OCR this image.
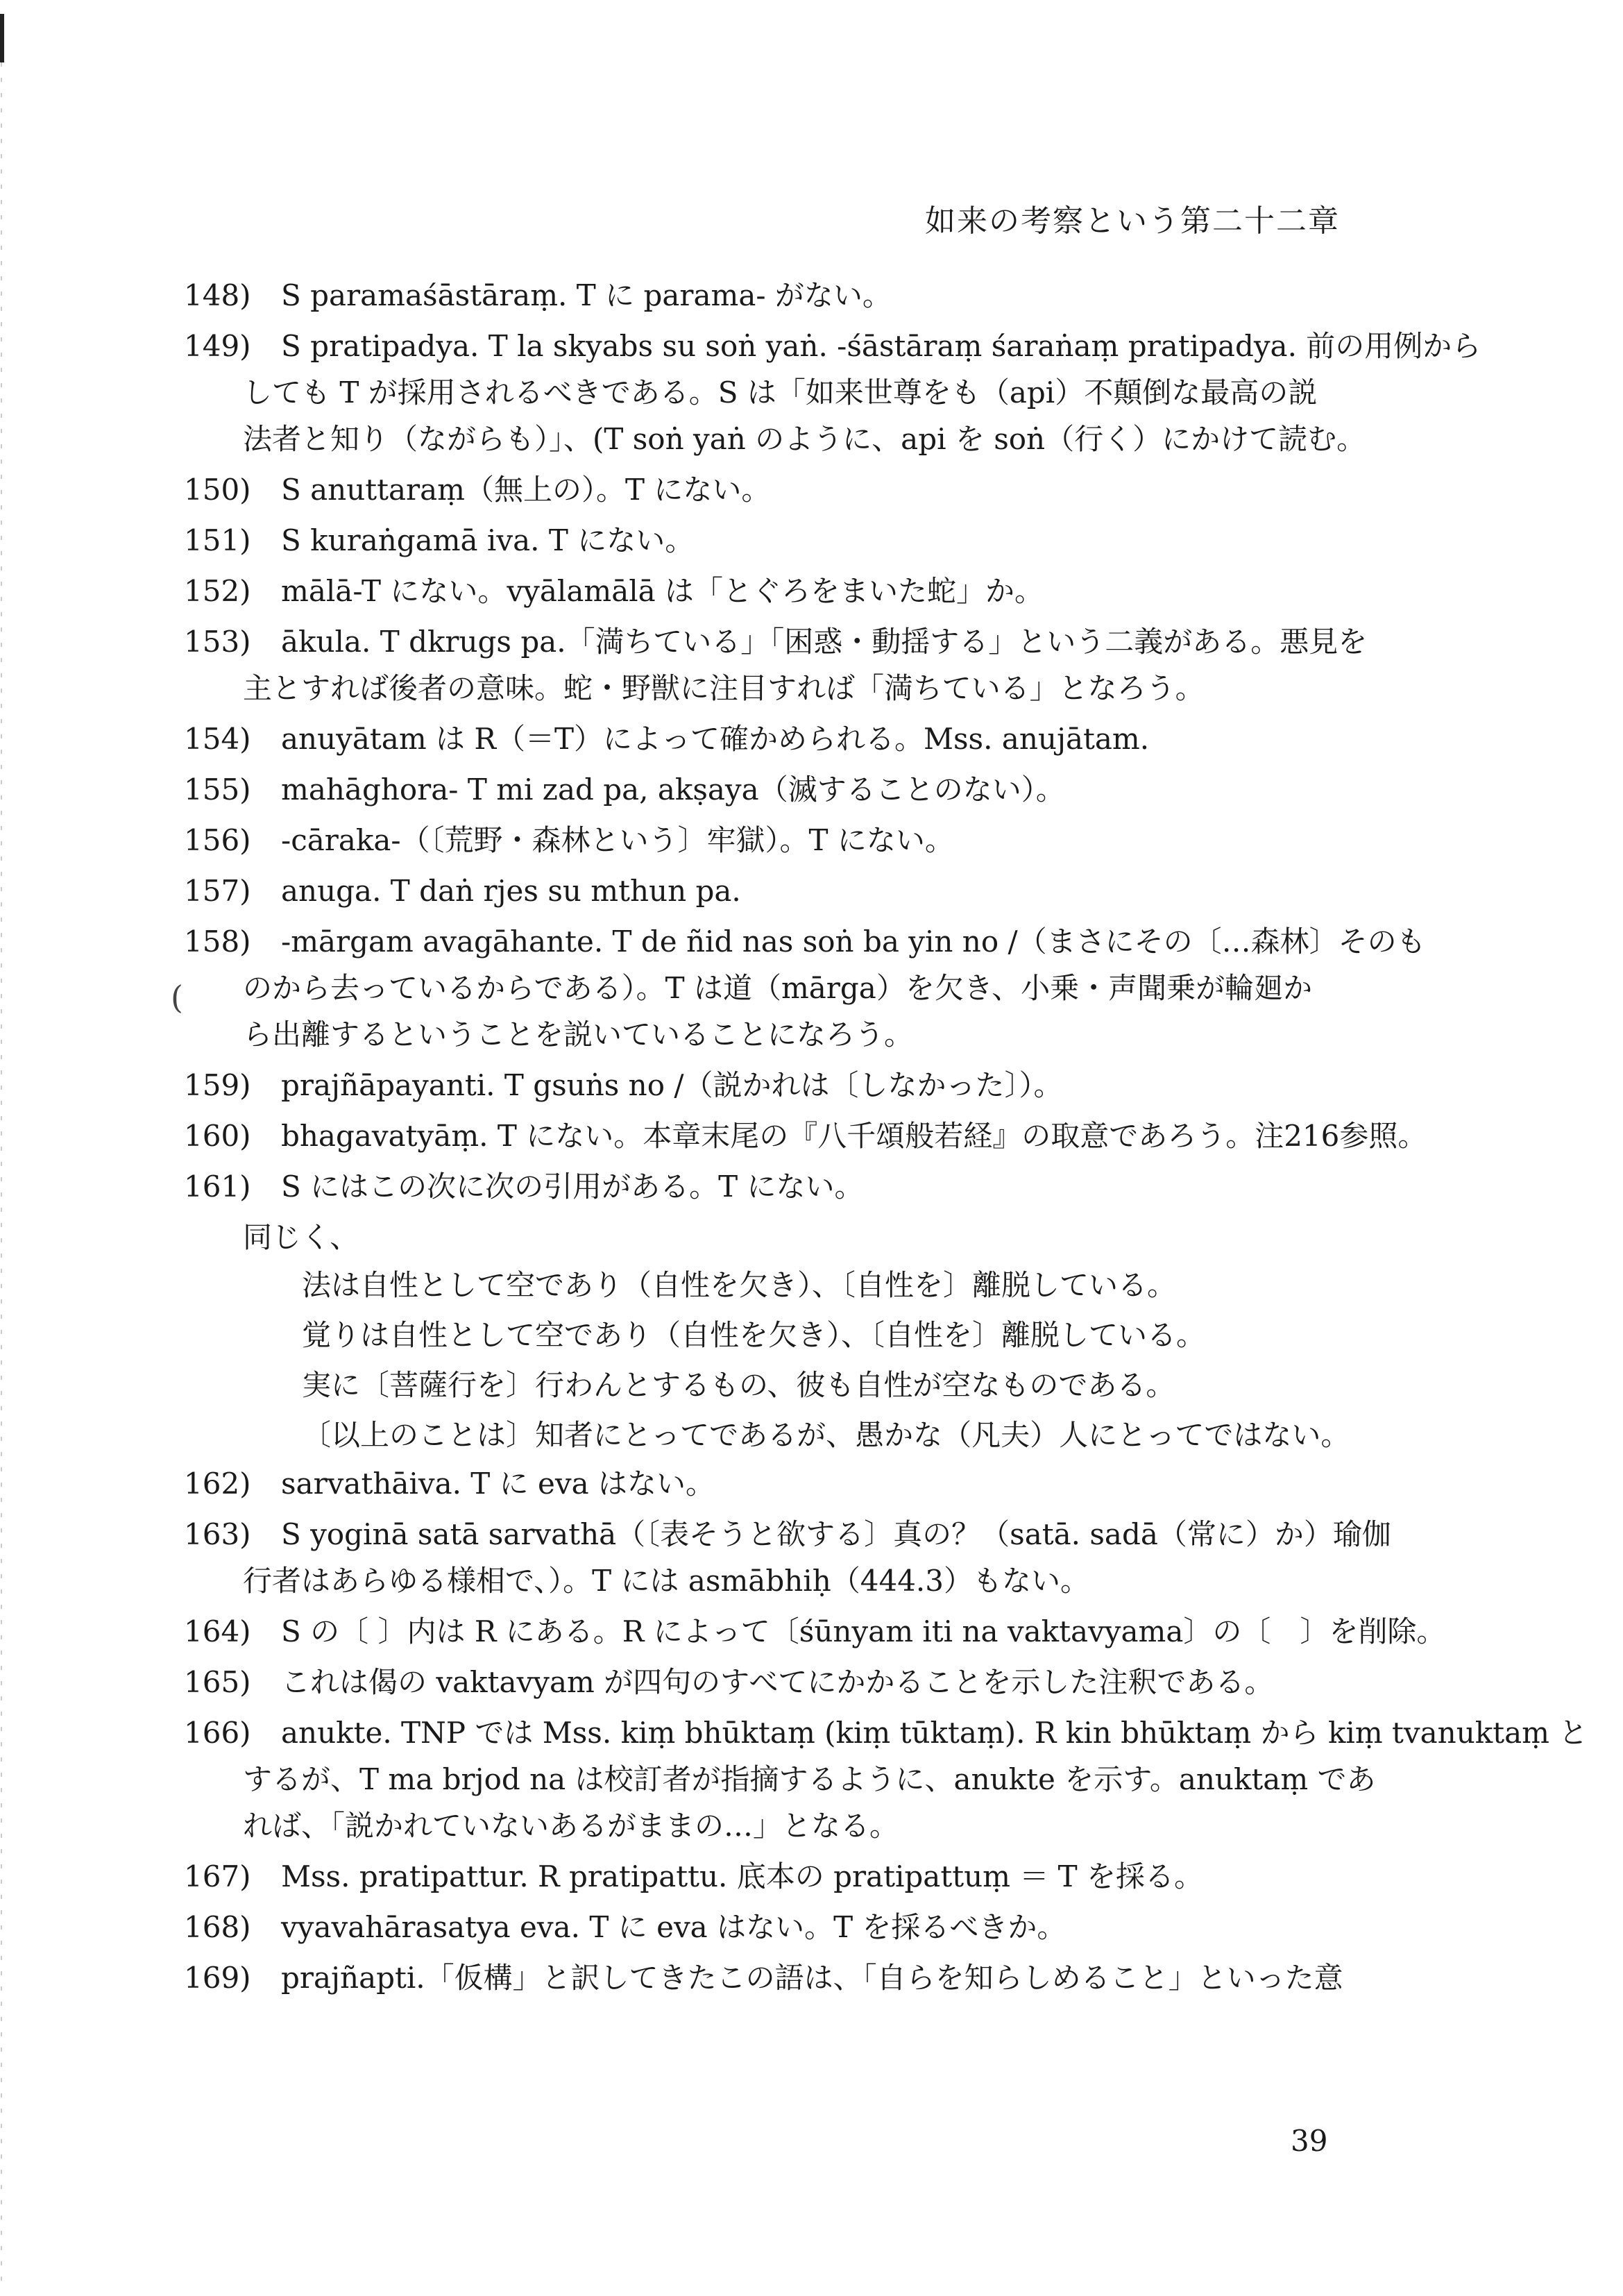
如来の考察という第二十二章
148) S paramaśāstāraṃ. T に parama- がない。
149) S pratipadya. T la skyabs su soṅ yaṅ. -śāstāraṃ śaraṅaṃ pratipadya. 前の用例から
しても T が採用されるべきである。S は「如来世尊をも（api）不顛倒な最高の説
法者と知り（ながらも）」、(T soṅ yaṅ のように、api を soṅ（行く）にかけて読む。
150) S anuttaraṃ（無上の）。T にない。
151) S kuraṅgamā iva. T にない。
152) mālā-T にない。vyālamālā は「とぐろをまいた蛇」か。
153) ākula. T dkrugs pa.「満ちている」「困惑・動揺する」という二義がある。悪見を
主とすれば後者の意味。蛇・野獣に注目すれば「満ちている」となろう。
154) anuyātam は R（＝T）によって確かめられる。Mss. anujātam.
155) mahāghora- T mi zad pa, akṣaya（滅することのない）。
156) -cāraka-（〔荒野・森林という〕牢獄）。T にない。
157) anuga. T daṅ rjes su mthun pa.
158) -mārgam avagāhante. T de ñid nas soṅ ba yin no /（まさにその〔…森林〕そのも
のから去っているからである）。T は道（mārga）を欠き、小乗・声聞乗が輪廻か
ら出離するということを説いていることになろう。
159) prajñāpayanti. T gsuṅs no /（説かれは〔しなかった〕）。
160) bhagavatyāṃ. T にない。本章末尾の『八千頌般若経』の取意であろう。注216参照。
161) S にはこの次に次の引用がある。T にない。
同じく、
法は自性として空であり（自性を欠き）、〔自性を〕離脱している。
覚りは自性として空であり（自性を欠き）、〔自性を〕離脱している。
実に〔菩薩行を〕行わんとするもの、彼も自性が空なものである。
〔以上のことは〕知者にとってであるが、愚かな（凡夫）人にとってではない。
162) sarvathāiva. T に eva はない。
163) S yoginā satā sarvathā（〔表そうと欲する〕真の？（satā. sadā（常に）か）瑜伽
行者はあらゆる様相で、）。T には asmābhiḥ（444.3）もない。
164) S の〔 〕内は R にある。R によって〔śūnyam iti na vaktavyama〕の〔　〕を削除。
165) これは偈の vaktavyam が四句のすべてにかかることを示した注釈である。
166) anukte. TNP では Mss. kiṃ bhūktaṃ (kiṃ tūktaṃ). R kin bhūktaṃ から kiṃ tvanuktaṃ と
するが、T ma brjod na は校訂者が指摘するように、anukte を示す。anuktaṃ であ
れば、「説かれていないあるがままの…」となる。
167) Mss. pratipattur. R pratipattu. 底本の pratipattuṃ ＝ T を採る。
168) vyavahārasatya eva. T に eva はない。T を採るべきか。
169) prajñapti.「仮構」と訳してきたこの語は、「自らを知らしめること」といった意
(
39
